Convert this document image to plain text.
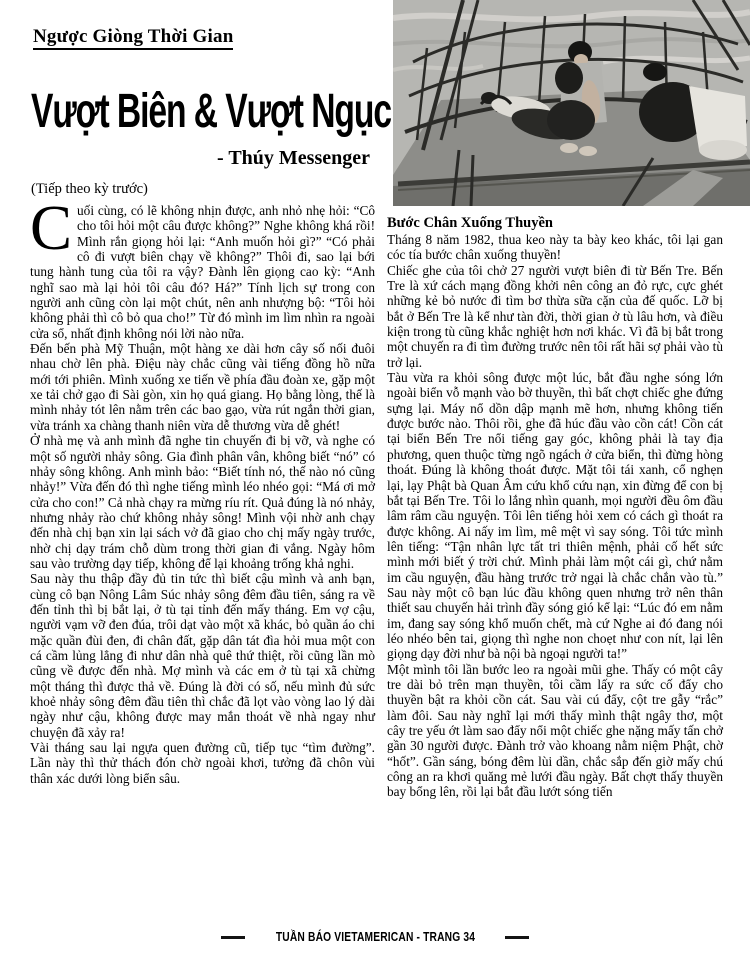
Ngược Giòng Thời Gian
Vượt Biên & Vượt Ngục
- Thúy Messenger
(Tiếp theo kỳ trước)

Cuối cùng, có lẽ không nhịn được, anh nhỏ nhẹ hỏi: “Cô cho tôi hỏi một câu được không?” Nghe không khá rồi! Mình rắn giọng hỏi lại: “Anh muốn hỏi gì?” “Có phải cô đi vượt biên chạy về không?” Thôi đi, sao lại bới tung hành tung của tôi ra vậy? Đành lên giọng cao kỳ: “Anh nghĩ sao mà lại hỏi tôi câu đó? Há?” Tính lịch sự trong con người anh cũng còn lại một chút, nên anh nhượng bộ: “Tôi hỏi không phải thì cô bỏ qua cho!” Từ đó mình im lìm nhìn ra ngoài cửa sổ, nhất định không nói lời nào nữa.

Đến bến phà Mỹ Thuận, một hàng xe dài hơn cây số nối đuôi nhau chờ lên phà. Điệu này chắc cũng vài tiếng đồng hồ nữa mới tới phiên. Mình xuống xe tiến về phía đầu đoàn xe, gặp một xe tải chở gạo đi Sài gòn, xin họ quá giang. Họ bằng lòng, thế là mình nhảy tót lên nằm trên các bao gạo, vừa rút ngắn thời gian, vừa tránh xa chàng thanh niên vừa dễ thương vừa dễ ghét!

Ở nhà mẹ và anh mình đã nghe tin chuyến đi bị vỡ, và nghe có một số người nhảy sông. Gia đình phân vân, không biết “nó” có nhảy sông không. Anh mình bảo: “Biết tính nó, thế nào nó cũng nhảy!” Vừa đến đó thì nghe tiếng mình léo nhéo gọi: “Má ơi mở cửa cho con!” Cả nhà chạy ra mừng ríu rít. Quả đúng là nó nhảy, nhưng nhảy rào chứ không nhảy sông! Mình vội nhờ anh chạy đến nhà chị bạn xin lại sách vở đã giao cho chị mấy ngày trước, nhờ chị dạy trám chỗ dùm trong thời gian đi vắng. Ngày hôm sau vào trường dạy tiếp, không để lại khoảng trống khả nghi.

Sau này thu thập đầy đủ tin tức thì biết cậu mình và anh bạn, cùng cô bạn Nông Lâm Súc nhảy sông đêm đầu tiên, sáng ra về đến tỉnh thì bị bắt lại, ở tù tại tỉnh đến mấy tháng. Em vợ cậu, người vạm vỡ đen đúa, trôi dạt vào một xã khác, bỏ quần áo chi mặc quần đùi đen, đi chân đất, gặp dân tát đìa hỏi mua một con cá cầm lủng lẳng đi như dân nhà quê thứ thiệt, rồi cũng lần mò cũng về được đến nhà. Mợ mình và các em ở tù tại xã chừng một tháng thì được thả về. Đúng là đời có số, nếu mình đủ sức khoẻ nhảy sông đêm đầu tiên thì chắc đã lọt vào vòng lao lý dài ngày như cậu, không được may mắn thoát về nhà ngay như chuyện đã xảy ra!

Vài tháng sau lại ngựa quen đường cũ, tiếp tục “tìm đường”. Lần này thì thử thách đón chờ ngoài khơi, tưởng đã chôn vùi thân xác dưới lòng biển sâu.

Bước Chân Xuống Thuyền

Tháng 8 năm 1982, thua keo này ta bày keo khác, tôi lại gan cóc tía bước chân xuống thuyền!

Chiếc ghe của tôi chở 27 người vượt biên đi từ Bến Tre. Bến Tre là xứ cách mạng đồng khởi nên công an đỏ rực, cực ghét những kẻ bỏ nước đi tìm bơ thừa sữa cặn của đế quốc. Lỡ bị bắt ở Bến Tre là kể như tàn đời, thời gian ở tù lâu hơn, và điều kiện trong tù cũng khắc nghiệt hơn nơi khác. Vì đã bị bắt trong một chuyến ra đi tìm đường trước nên tôi rất hãi sợ phải vào tù trở lại.

Tàu vừa ra khỏi sông được một lúc, bắt đầu nghe sóng lớn ngoài biển vỗ mạnh vào bờ thuyền, thì bất chợt chiếc ghe đứng sựng lại. Máy nổ dồn dập mạnh mẽ hơn, nhưng không tiến được bước nào. Thôi rồi, ghe đã húc đầu vào cồn cát! Cồn cát tại biển Bến Tre nổi tiếng gay góc, không phải là tay địa phương, quen thuộc từng ngõ ngách ở cửa biển, thì đừng hòng thoát. Đúng là không thoát được. Mặt tôi tái xanh, cổ nghẹn lại, lạy Phật bà Quan Âm cứu khổ cứu nạn, xin đừng để con bị bắt tại Bến Tre. Tôi lo lắng nhìn quanh, mọi người đều ôm đầu lâm râm cầu nguyện. Tôi lên tiếng hỏi xem có cách gì thoát ra được không. Ai nấy im lìm, mê mệt vì say sóng. Tôi tức mình lên tiếng: “Tận nhân lực tất tri thiên mệnh, phải cố hết sức mình mới biết ý trời chứ. Mình phải làm một cái gì, chứ nằm im cầu nguyện, đầu hàng trước trở ngại là chắc chắn vào tù.” Sau này một cô bạn lúc đầu không quen nhưng trở nên thân thiết sau chuyến hải trình đầy sóng gió kể lại: “Lúc đó em nằm im, đang say sóng khổ muốn chết, mà cứ Nghe ai đó đang nói léo nhéo bên tai, giọng thì nghe non choẹt như con nít, lại lên giọng dạy đời như bà nội bà ngoại người ta!”

Một mình tôi lần bước leo ra ngoài mũi ghe. Thấy có một cây tre dài bỏ trên mạn thuyền, tôi cầm lấy ra sức cố đẩy cho thuyền bật ra khỏi cồn cát. Sau vài cú đẩy, cột tre gẫy “rắc” làm đôi. Sau này nghĩ lại mới thấy mình thật ngây thơ, một cây tre yếu ớt làm sao đẩy nổi một chiếc ghe nặng mấy tấn chở gần 30 người được. Đành trở vào khoang nằm niệm Phật, chờ “hốt”. Gần sáng, bóng đêm lùi dần, chắc sắp đến giờ mấy chú công an ra khơi quăng mẻ lưới đầu ngày. Bất chợt thấy thuyền bay bổng lên, rồi lại bắt đầu lướt sóng tiến

TUẦN BÁO VIETAMERICAN - TRANG 34
